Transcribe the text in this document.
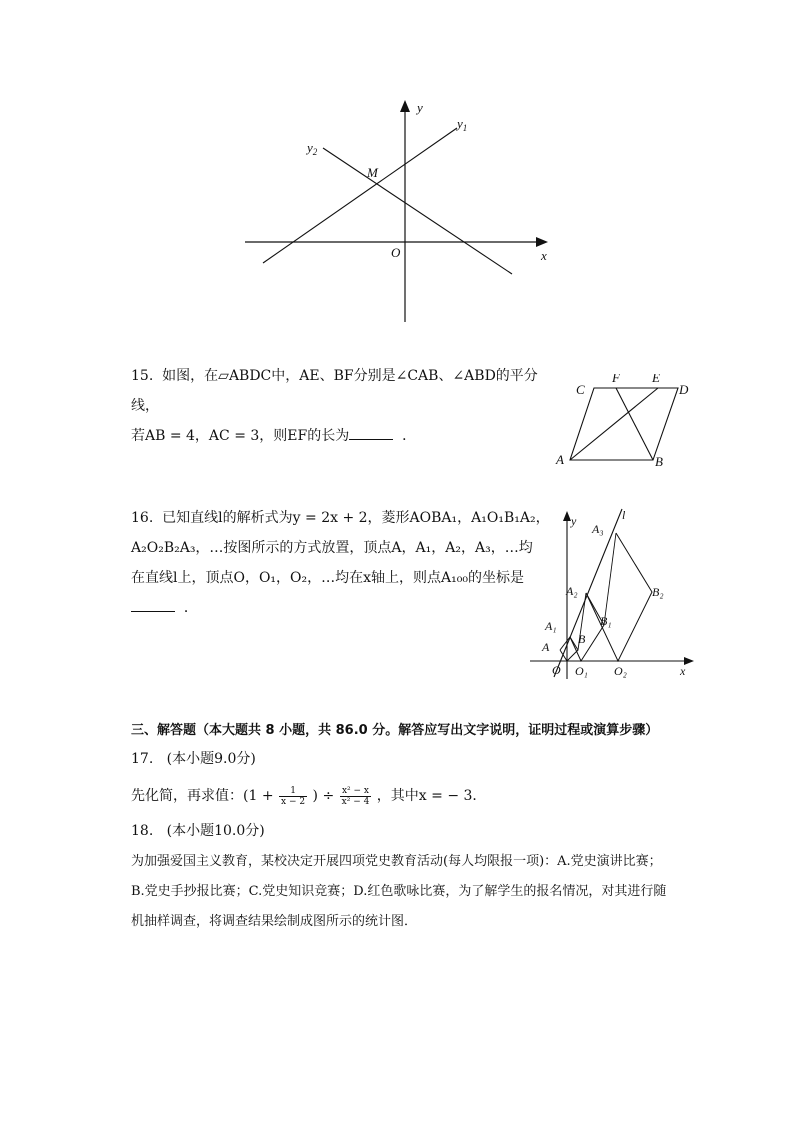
y
x
O
M
$y_1$
$y_2$
15. 如图，在▱ABDC中，AE、BF分别是∠CAB、∠ABD的平分线，
若AB = 4，AC = 3，则EF的长为	．
C
F E
D
A	B
16. 已知直线l的解析式为y = 2x + 2，菱形AOBA₁，A₁O₁B₁A₂，
A₂O₂B₂A₃，…按图所示的方式放置，顶点A，A₁，A₂，A₃，…均
在直线l上，顶点O，O₁，O₂，…均在x轴上，则点A₁₀₀的坐标是
．
y	l
A₃
B₂
A₂
B₁
A₁
B
A
O O₁ O₂	x
三、解答题（本大题共 8 小题，共 86.0 分。解答应写出文字说明，证明过程或演算步骤）
17. (本小题9.0分)
先化简，再求值：($1 + \frac{1}{x - 2}$ ) ÷ $\frac{\text{x² − x}}{\text{x² − 4}}$ ，其中x = − 3．
18. (本小题10.0分)
为加强爱国主义教育，某校决定开展四项党史教育活动(每人均限报一项)：A.党史演讲比赛；
B.党史手抄报比赛；C.党史知识竞赛；D.红色歌咏比赛，为了解学生的报名情况，对其进行随
机抽样调查，将调查结果绘制成图所示的统计图．
